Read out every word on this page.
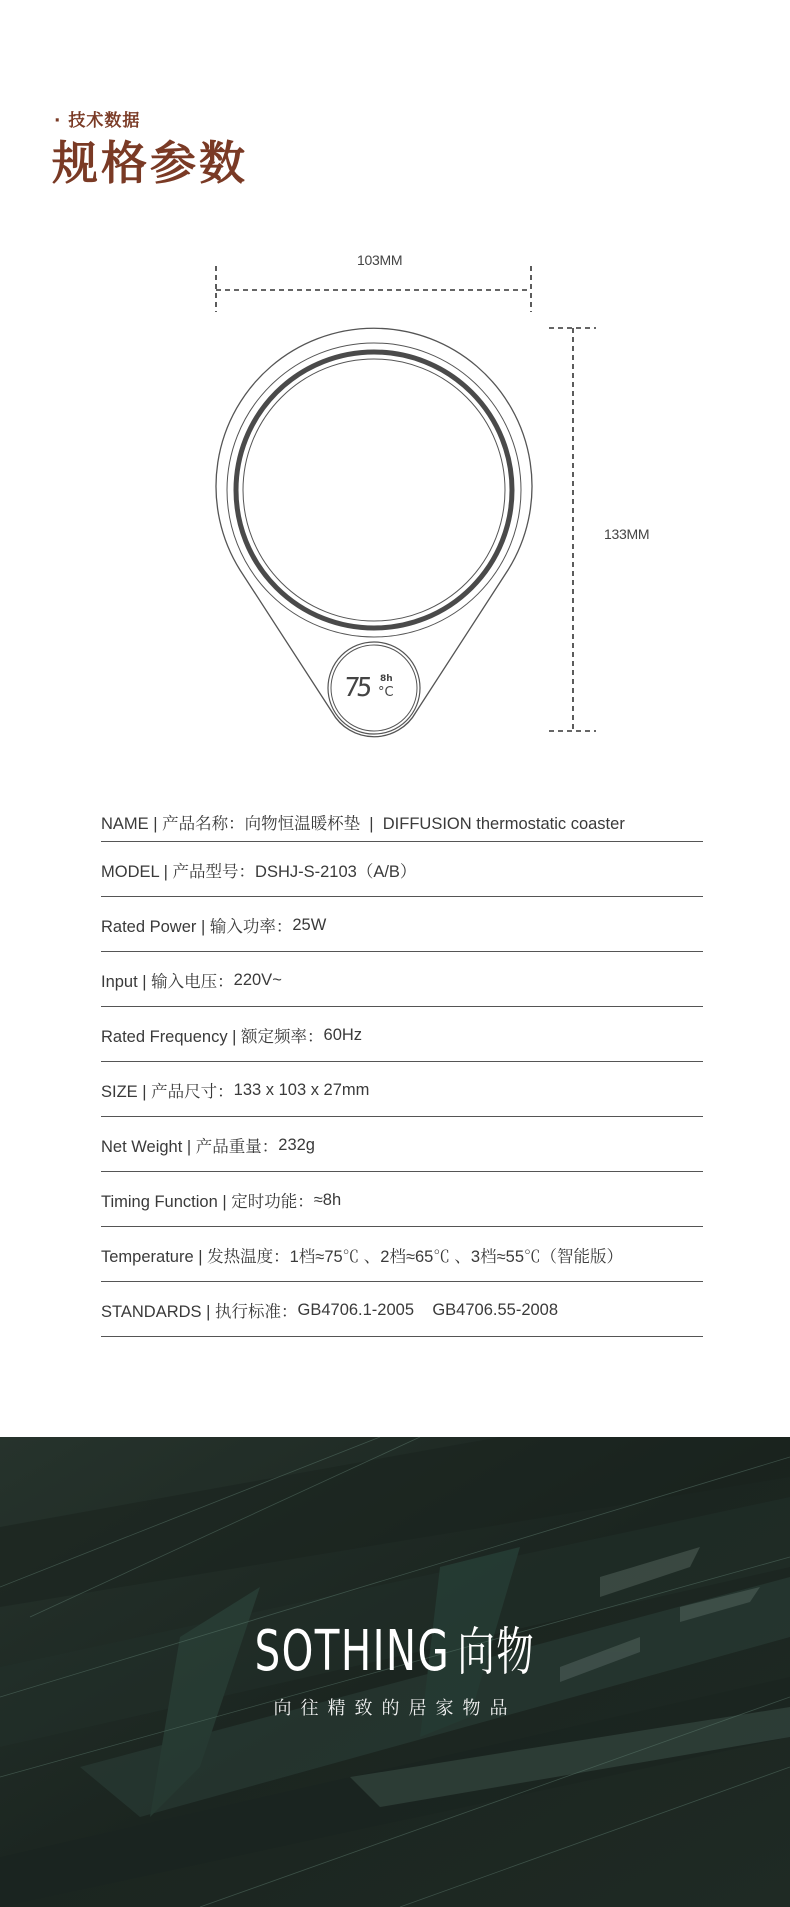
· 技术数据
规格参数
103MM
133MM
75 8h
°C
NAME | 产品名称： 向物恒温暖杯垫  |  DIFFUSION thermostatic coaster
MODEL | 产品型号： DSHJ-S-2103（A/B）
Rated Power | 输入功率： 25W
Input | 输入电压： 220V~
Rated Frequency | 额定频率： 60Hz
SIZE | 产品尺寸： 133 x 103 x 27mm
Net Weight | 产品重量： 232g
Timing Function | 定时功能： ≈8h
Temperature | 发热温度： 1档≈75℃ 、2档≈65℃ 、3档≈55℃（智能版）
STANDARDS | 执行标准： GB4706.1-2005    GB4706.55-2008
SOTHING 向物
向往精致的居家物品
